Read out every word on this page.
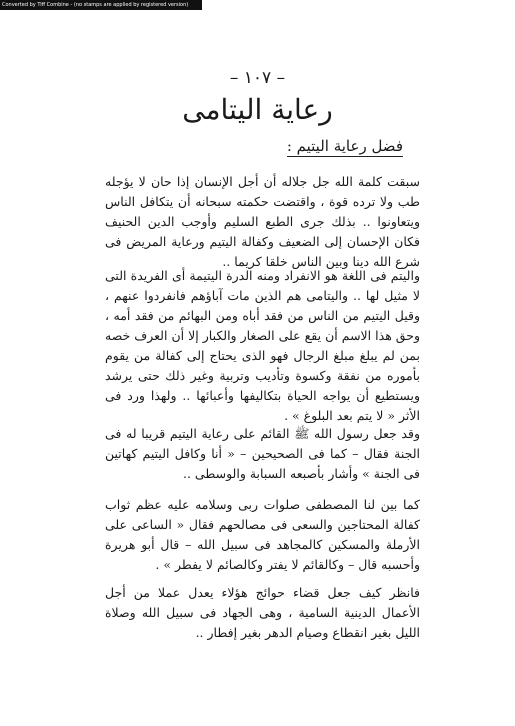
Converted by Tiff Combine - (no stamps are applied by registered version)
– ١٠٧ –
رعاية اليتامى
فضل رعاية اليتيم :
سبقت كلمة الله جل جلاله أن أجل الإنسان إذا حان لا يؤجله طب ولا ترده قوة ، واقتضت حكمته سبحانه أن يتكافل الناس ويتعاونوا .. بذلك جرى الطبع السليم وأوجب الدين الحنيف فكان الإحسان إلى الضعيف وكفالة اليتيم ورعاية المريض فى شرع الله دينا وبين الناس خلقا كريما ..
واليتم فى اللغة هو الانفراد ومنه الدرة اليتيمة أى الفريدة التى لا مثيل لها .. واليتامى هم الذين مات آباؤهم فانفردوا عنهم ، وقيل اليتيم من الناس من فقد أباه ومن البهائم من فقد أمه ، وحق هذا الاسم أن يقع على الصغار والكبار إلا أن العرف خصه بمن لم يبلغ مبلغ الرجال فهو الذى يحتاج إلى كفالة من يقوم بأموره من نفقة وكسوة وتأديب وتربية وغير ذلك حتى يرشد ويستطيع أن يواجه الحياة بتكاليفها وأعبائها .. ولهذا ورد فى الأثر « لا يتم بعد البلوغ » .
وقد جعل رسول الله ﷺ القائم على رعاية اليتيم قريبا له فى الجنة فقال – كما فى الصحيحين – « أنا وكافل اليتيم كهاتين فى الجنة » وأشار بأصبعه السبابة والوسطى ..
كما بين لنا المصطفى صلوات ربى وسلامه عليه عظم ثواب كفالة المحتاجين والسعى فى مصالحهم فقال « الساعى على الأرملة والمسكين كالمجاهد فى سبيل الله – قال أبو هريرة وأحسبه قال – وكالقائم لا يفتر وكالصائم لا يفطر » .
فانظر كيف جعل قضاء حوائج هؤلاء يعدل عملا من أجل الأعمال الدينية السامية ، وهى الجهاد فى سبيل الله وصلاة الليل بغير انقطاع وصيام الدهر بغير إفطار ..
